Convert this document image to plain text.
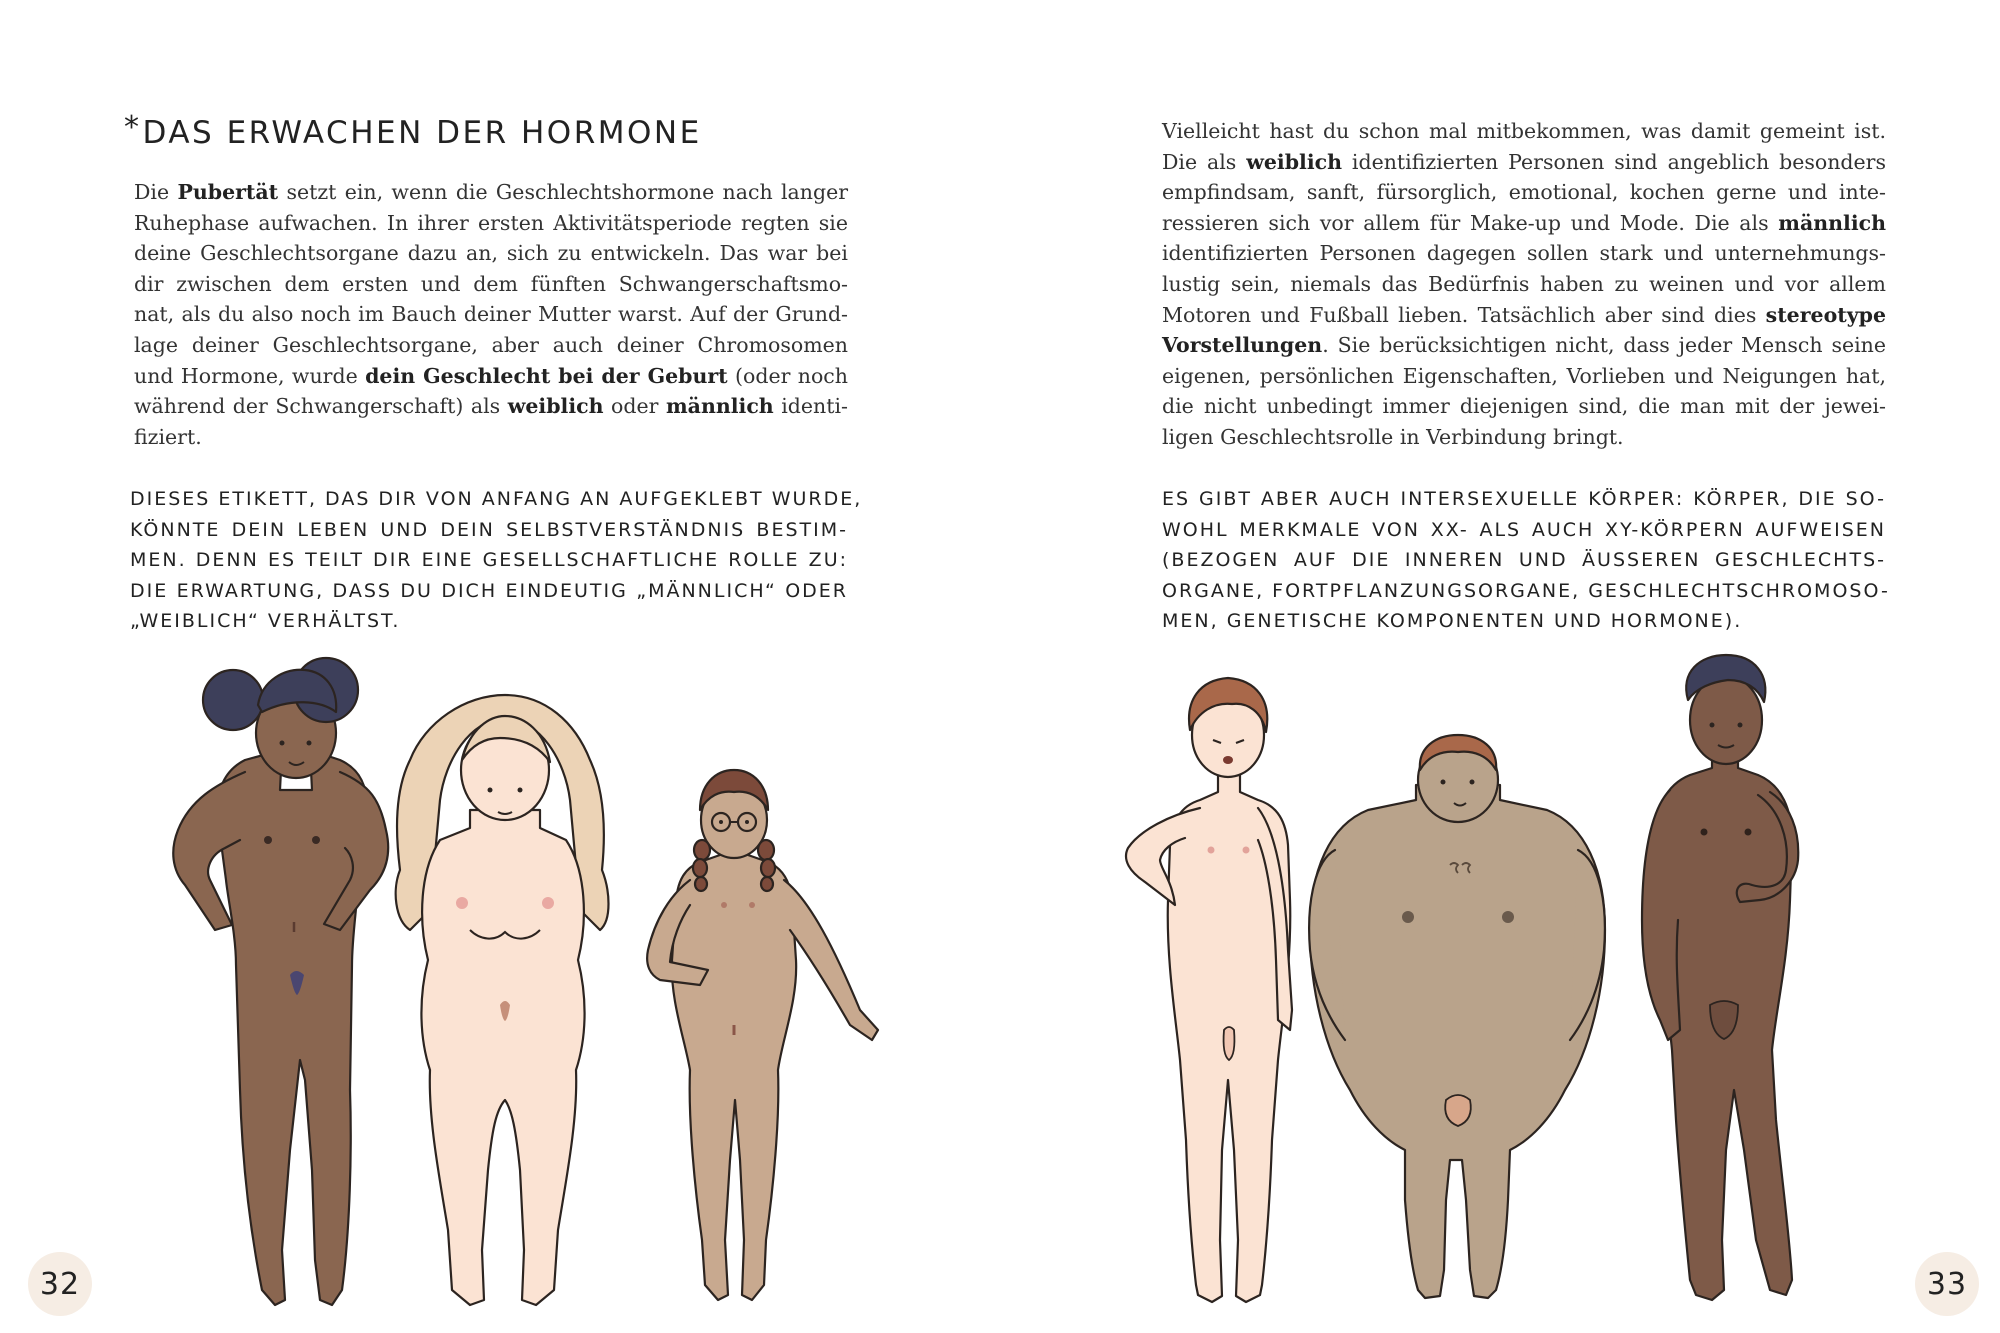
*DAS ERWACHEN DER HORMONE

Die Pubertät setzt ein, wenn die Geschlechtshormone nach langer
Ruhephase aufwachen. In ihrer ersten Aktivitätsperiode regten sie
deine Geschlechtsorgane dazu an, sich zu entwickeln. Das war bei
dir zwischen dem ersten und dem fünften Schwangerschaftsmo-
nat, als du also noch im Bauch deiner Mutter warst. Auf der Grund-
lage deiner Geschlechtsorgane, aber auch deiner Chromosomen
und Hormone, wurde dein Geschlecht bei der Geburt (oder noch
während der Schwangerschaft) als weiblich oder männlich identi-
fiziert.

DIESES ETIKETT, DAS DIR VON ANFANG AN AUFGEKLEBT WURDE,
KÖNNTE DEIN LEBEN UND DEIN SELBSTVERSTÄNDNIS BESTIM-
MEN. DENN ES TEILT DIR EINE GESELLSCHAFTLICHE ROLLE ZU:
DIE ERWARTUNG, DASS DU DICH EINDEUTIG „MÄNNLICH“ ODER
„WEIBLICH“ VERHÄLTST.

32

Vielleicht hast du schon mal mitbekommen, was damit gemeint ist.
Die als weiblich identifizierten Personen sind angeblich besonders
empfindsam, sanft, fürsorglich, emotional, kochen gerne und inte-
ressieren sich vor allem für Make-up und Mode. Die als männlich
identifizierten Personen dagegen sollen stark und unternehmungs-
lustig sein, niemals das Bedürfnis haben zu weinen und vor allem
Motoren und Fußball lieben. Tatsächlich aber sind dies stereotype
Vorstellungen. Sie berücksichtigen nicht, dass jeder Mensch seine
eigenen, persönlichen Eigenschaften, Vorlieben und Neigungen hat,
die nicht unbedingt immer diejenigen sind, die man mit der jewei-
ligen Geschlechtsrolle in Verbindung bringt.

ES GIBT ABER AUCH INTERSEXUELLE KÖRPER: KÖRPER, DIE SO-
WOHL MERKMALE VON XX- ALS AUCH XY-KÖRPERN AUFWEISEN
(BEZOGEN AUF DIE INNEREN UND ÄUSSEREN GESCHLECHTS-
ORGANE, FORTPFLANZUNGSORGANE, GESCHLECHTSCHROMOSO-
MEN, GENETISCHE KOMPONENTEN UND HORMONE).

33
